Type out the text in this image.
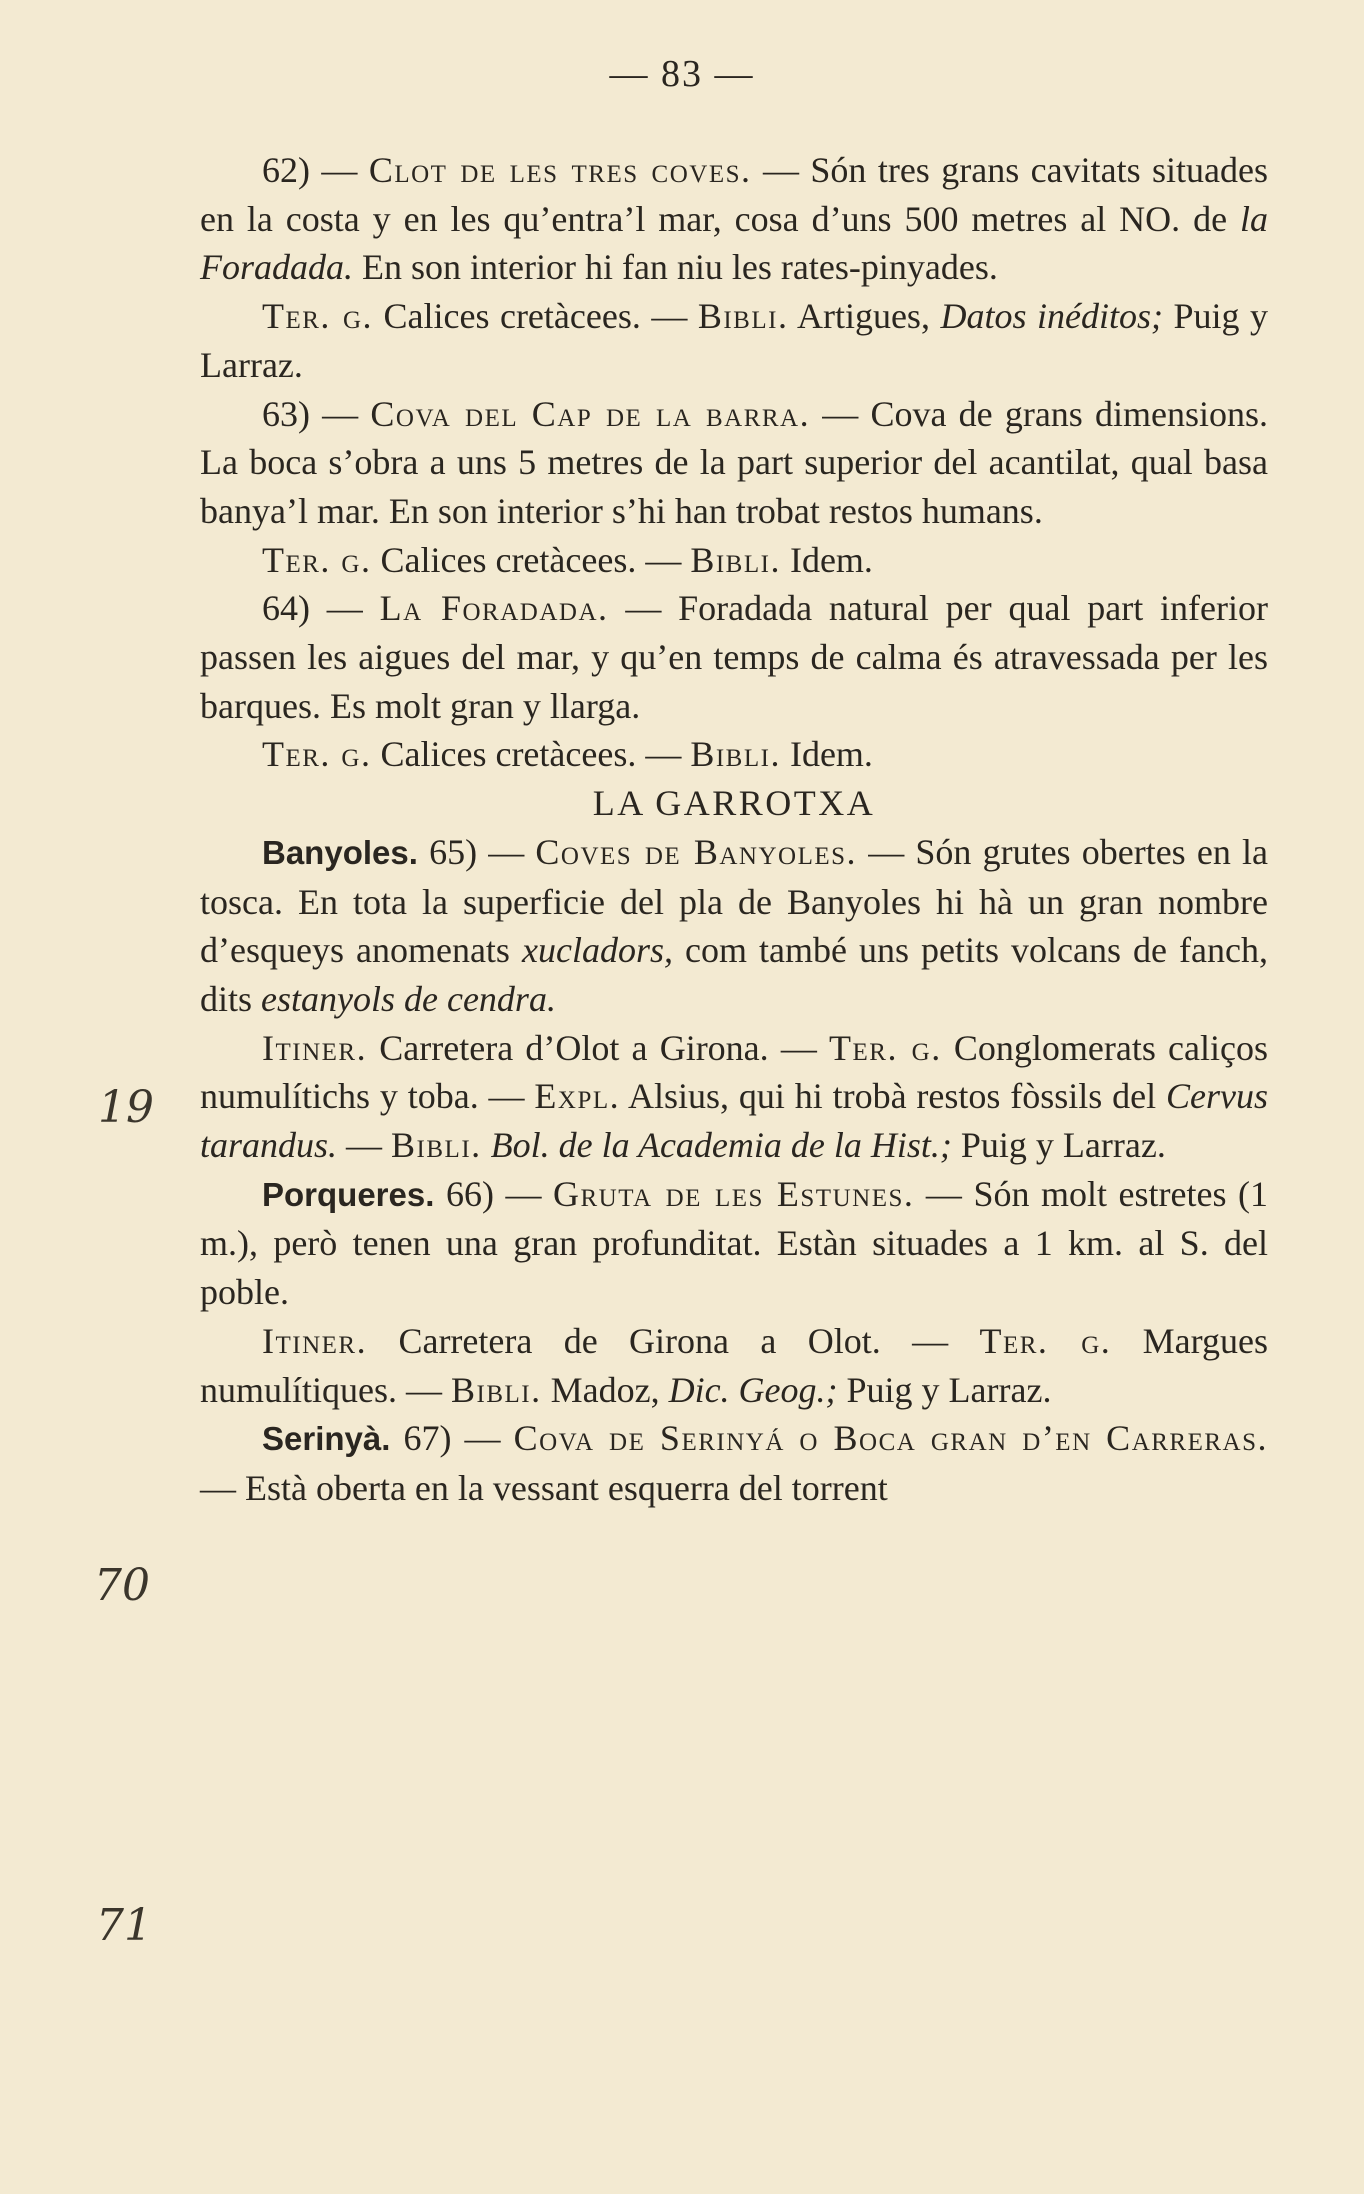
— 83 —
19
70
71

62) — Clot de les tres coves. — Són tres grans cavitats situades en la costa y en les qu’entra’l mar, cosa d’uns 500 metres al NO. de la Foradada. En son interior hi fan niu les rates-pinyades.

Ter. g. Calices cretàcees. — Bibli. Artigues, Datos inéditos; Puig y Larraz.

63) — Cova del Cap de la barra. — Cova de grans dimensions. La boca s’obra a uns 5 metres de la part superior del acantilat, qual basa banya’l mar. En son interior s’hi han trobat restos humans.

Ter. g. Calices cretàcees. — Bibli. Idem.

64) — La Foradada. — Foradada natural per qual part inferior passen les aigues del mar, y qu’en temps de calma és atravessada per les barques. Es molt gran y llarga.

Ter. g. Calices cretàcees. — Bibli. Idem.

LA GARROTXA

Banyoles. 65) — Coves de Banyoles. — Són grutes obertes en la tosca. En tota la superficie del pla de Banyoles hi hà un gran nombre d’esqueys anomenats xucladors, com també uns petits volcans de fanch, dits estanyols de cendra.

Itiner. Carretera d’Olot a Girona. — Ter. g. Conglomerats caliços numulítichs y toba. — Expl. Alsius, qui hi trobà restos fòssils del Cervus tarandus. — Bibli. Bol. de la Academia de la Hist.; Puig y Larraz.

Porqueres. 66) — Gruta de les Estunes. — Són molt estretes (1 m.), però tenen una gran profunditat. Estàn situades a 1 km. al S. del poble.

Itiner. Carretera de Girona a Olot. — Ter. g. Margues numulítiques. — Bibli. Madoz, Dic. Geog.; Puig y Larraz.

Serinyà. 67) — Cova de Serinyá o Boca gran d’en Carreras. — Està oberta en la vessant esquerra del torrent
